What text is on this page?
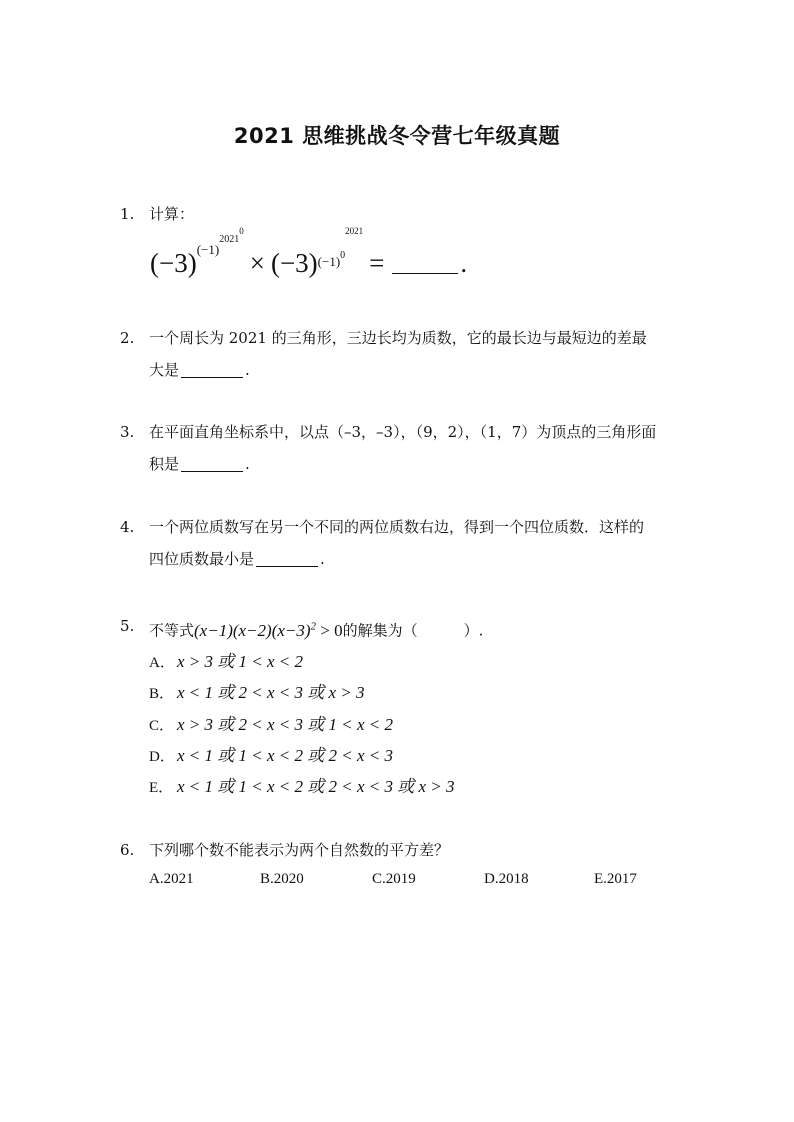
2021 思维挑战冬令营七年级真题
1. 计算：
$(-3)^{(-1)^{2021^0}}\times (-3)^{(-1)^{0^{2021}}}=$	.
2. 一个周长为 2021 的三角形，三边长均为质数，它的最长边与最短边的差最
大是	.
3. 在平面直角坐标系中，以点（–3，–3），（9，2），（1，7）为顶点的三角形面
积是	.
4. 一个两位质数写在另一个不同的两位质数右边，得到一个四位质数．这样的
四位质数最小是	.
5. 不等式$(x-1)(x-2)(x-3)^2 > 0$的解集为（	）.
A． x > 3 或 1 < x < 2
B． x < 1 或 2 < x < 3 或 x > 3
C． x > 3 或 2 < x < 3 或 1 < x < 2
D． x < 1 或 1 < x < 2 或 2 < x < 3
E． x < 1 或 1 < x < 2 或 2 < x < 3 或 x > 3
6. 下列哪个数不能表示为两个自然数的平方差？
A.2021	B.2020	C.2019	D.2018	E.2017
